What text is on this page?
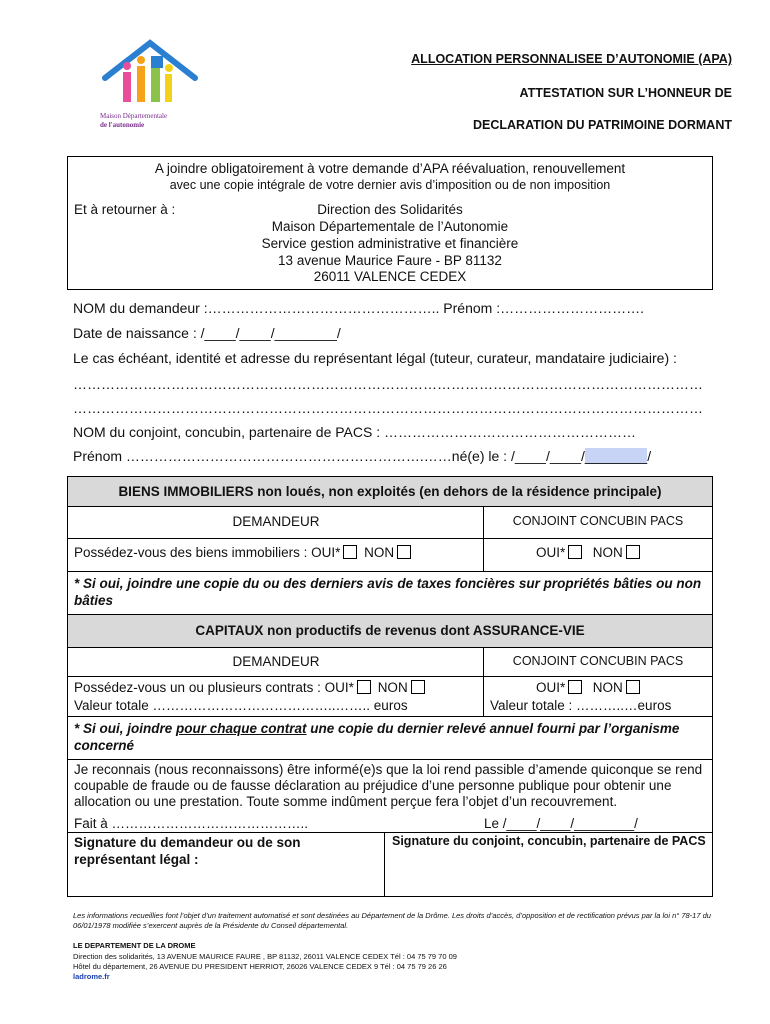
Maison Départementale
de l'autonomie
ALLOCATION PERSONNALISEE D’AUTONOMIE (APA)
ATTESTATION SUR L’HONNEUR DE
DECLARATION DU PATRIMOINE DORMANT
A joindre obligatoirement à votre demande d’APA réévaluation, renouvellement
avec une copie intégrale de votre dernier avis d’imposition ou de non imposition
Et à retourner à :	Direction des Solidarités
Maison Départementale de l’Autonomie
Service gestion administrative et financière
13 avenue Maurice Faure - BP 81132
26011 VALENCE CEDEX
NOM du demandeur :………………………………………….. Prénom :………………………….
Date de naissance : /____/____/________/
Le cas échéant, identité et adresse du représentant légal (tuteur, curateur, mandataire judiciaire) :
………………………………………………………………………………………………………………………
………………………………………………………………………………………………………………………
NOM du conjoint, concubin, partenaire de PACS : ………………………………………………
Prénom ……………………………………………………….……né(e) le : /____/____/________/
BIENS IMMOBILIERS non loués, non exploités (en dehors de la résidence principale)
DEMANDEUR	CONJOINT CONCUBIN PACS
Possédez-vous des biens immobiliers : OUI* NON	OUI* NON
* Si oui, joindre une copie du ou des derniers avis de taxes foncières sur propriétés bâties ou non bâties
CAPITAUX non productifs de revenus dont ASSURANCE-VIE
DEMANDEUR	CONJOINT CONCUBIN PACS
Possédez-vous un ou plusieurs contrats : OUI* NON	OUI* NON
Valeur totale …………………………………..…….. euros	Valeur totale : ………..…euros
* Si oui, joindre pour chaque contrat une copie du dernier relevé annuel fourni par l’organisme concerné
Je reconnais (nous reconnaissons) être informé(e)s que la loi rend passible d’amende quiconque se rend coupable de fraude ou de fausse déclaration au préjudice d’une personne publique pour obtenir une allocation ou une prestation. Toute somme indûment perçue fera l’objet d’un recouvrement.
Fait à ……………………………………..	Le /____/____/________/
Signature du demandeur ou de son représentant légal :
Signature du conjoint, concubin, partenaire de PACS
Les informations recueillies font l’objet d’un traitement automatisé et sont destinées au Département de la Drôme. Les droits d’accès, d’opposition et de rectification prévus par la loi n° 78-17 du 06/01/1978 modifiée s’exercent auprès de la Présidente du Conseil départemental.
LE DEPARTEMENT DE LA DROME
Direction des solidarités, 13 AVENUE MAURICE FAURE , BP 81132, 26011 VALENCE CEDEX Tél : 04 75 79 70 09
Hôtel du département, 26 AVENUE DU PRESIDENT HERRIOT, 26026 VALENCE CEDEX 9 Tél : 04 75 79 26 26
ladrome.fr
